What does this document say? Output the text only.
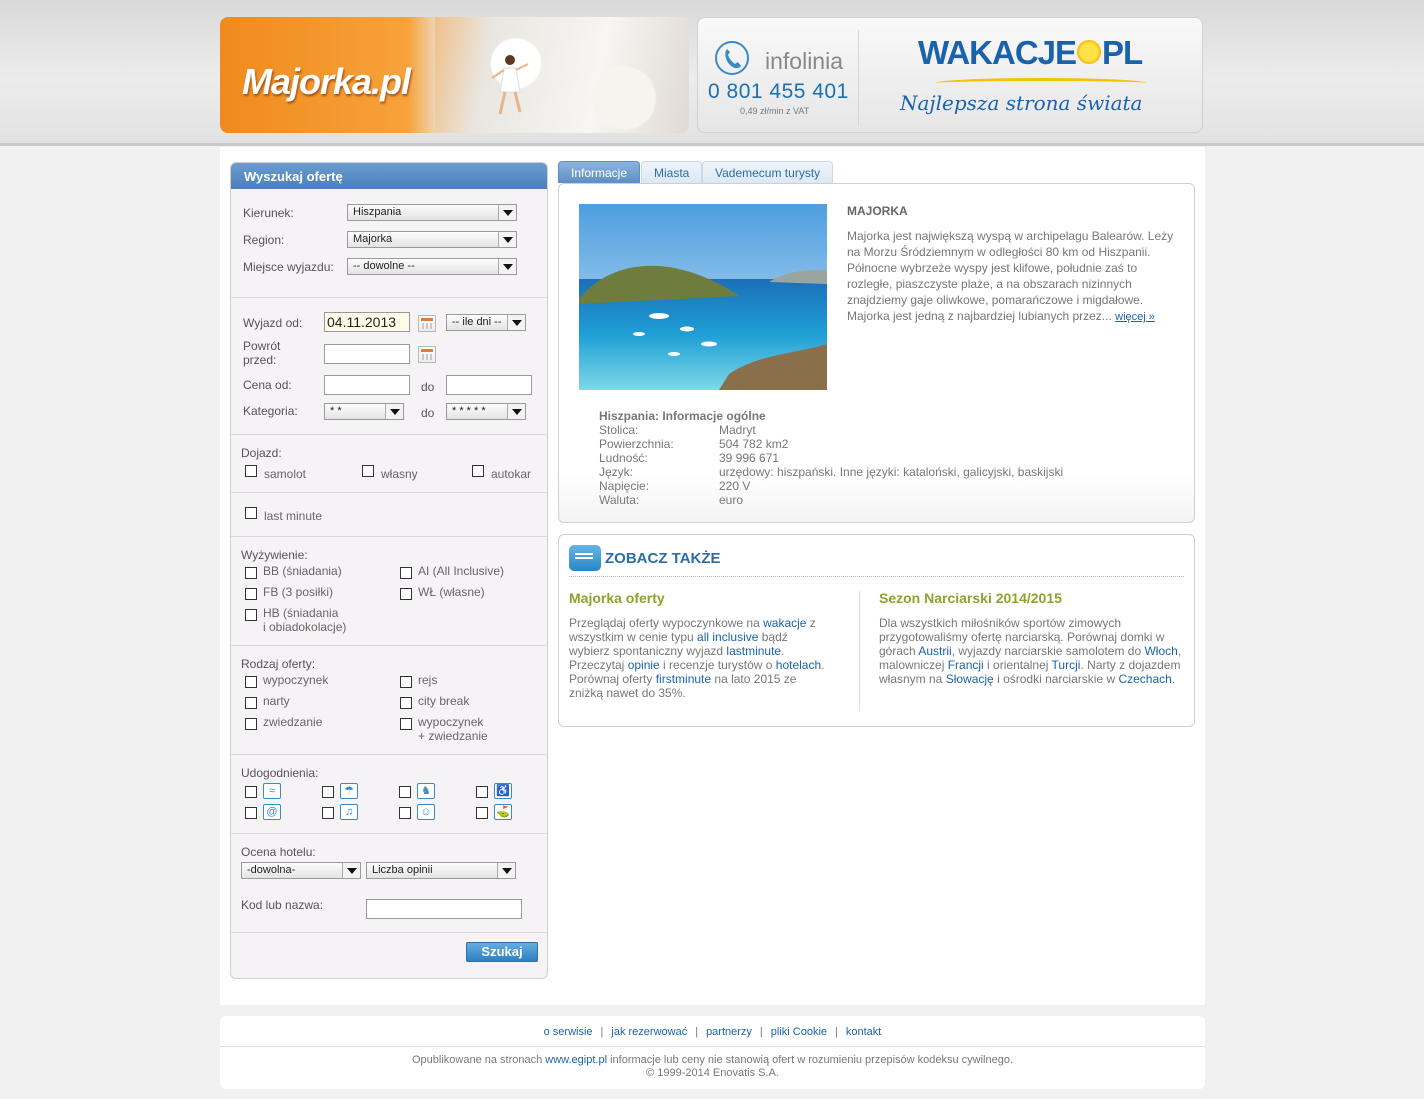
Majorka.pl	infolinia
0 801 455 401
0,49 zł/min z VAT
WAKACJE PL
Najlepsza strona świata
Wyszukaj ofertę
Kierunek:	Hiszpania
Region:	Majorka
Miejsce wyjazdu:	-- dowolne --
Wyjazd od: 04.11.2013	-- ile dni --
Powrót
przed:
Cena od:	do
Kategoria:	* *	do	* * * * *
Dojazd:
samolot	własny	autokar
last minute
Wyżywienie:
BB (śniadania)	AI (All Inclusive)
FB (3 posiłki)	WŁ (własne)
HB (śniadania
i obiadokolacje)
Rodzaj oferty:
wypoczynek	rejs
narty	city break
zwiedzanie	wypoczynek
+ zwiedzanie
Udogodnienia:
≈	☂	♞	♿
@	♫	☺	⛳
Ocena hotelu:
-dowolna-	Liczba opinii
Kod lub nazwa:
Szukaj
Informacje	Miasta	Vademecum turysty
MAJORKA
Majorka jest największą wyspą w archipelagu Balearów. Leży na Morzu Śródziemnym w odległości 80 km od Hiszpanii. Północne wybrzeże wyspy jest klifowe, południe zaś to rozległe, piaszczyste plaże, a na obszarach nizinnych znajdziemy gaje oliwkowe, pomarańczowe i migdałowe. Majorka jest jedną z najbardziej lubianych przez... więcej »
Hiszpania: Informacje ogólne
Stolica:	Madryt
Powierzchnia:	504 782 km2
Ludność:	39 996 671
Język:	urzędowy: hiszpański. Inne języki: kataloński, galicyjski, baskijski
Napięcie:	220 V
Waluta:	euro
ZOBACZ TAKŻE
Majorka oferty
Przeglądaj oferty wypoczynkowe na wakacje z wszystkim w cenie typu all inclusive bądź wybierz spontaniczny wyjazd lastminute. Przeczytaj opinie i recenzje turystów o hotelach. Porównaj oferty firstminute na lato 2015 ze zniżką nawet do 35%.
Sezon Narciarski 2014/2015
Dla wszystkich miłośników sportów zimowych przygotowaliśmy ofertę narciarską. Porównaj domki w górach Austrii, wyjazdy narciarskie samolotem do Włoch, malowniczej Francji i orientalnej Turcji. Narty z dojazdem własnym na Słowację i ośrodki narciarskie w Czechach.
o serwisie | jak rezerwować | partnerzy | pliki Cookie | kontakt
Opublikowane na stronach www.egipt.pl informacje lub ceny nie stanowią ofert w rozumieniu przepisów kodeksu cywilnego.
© 1999-2014 Enovatis S.A.
